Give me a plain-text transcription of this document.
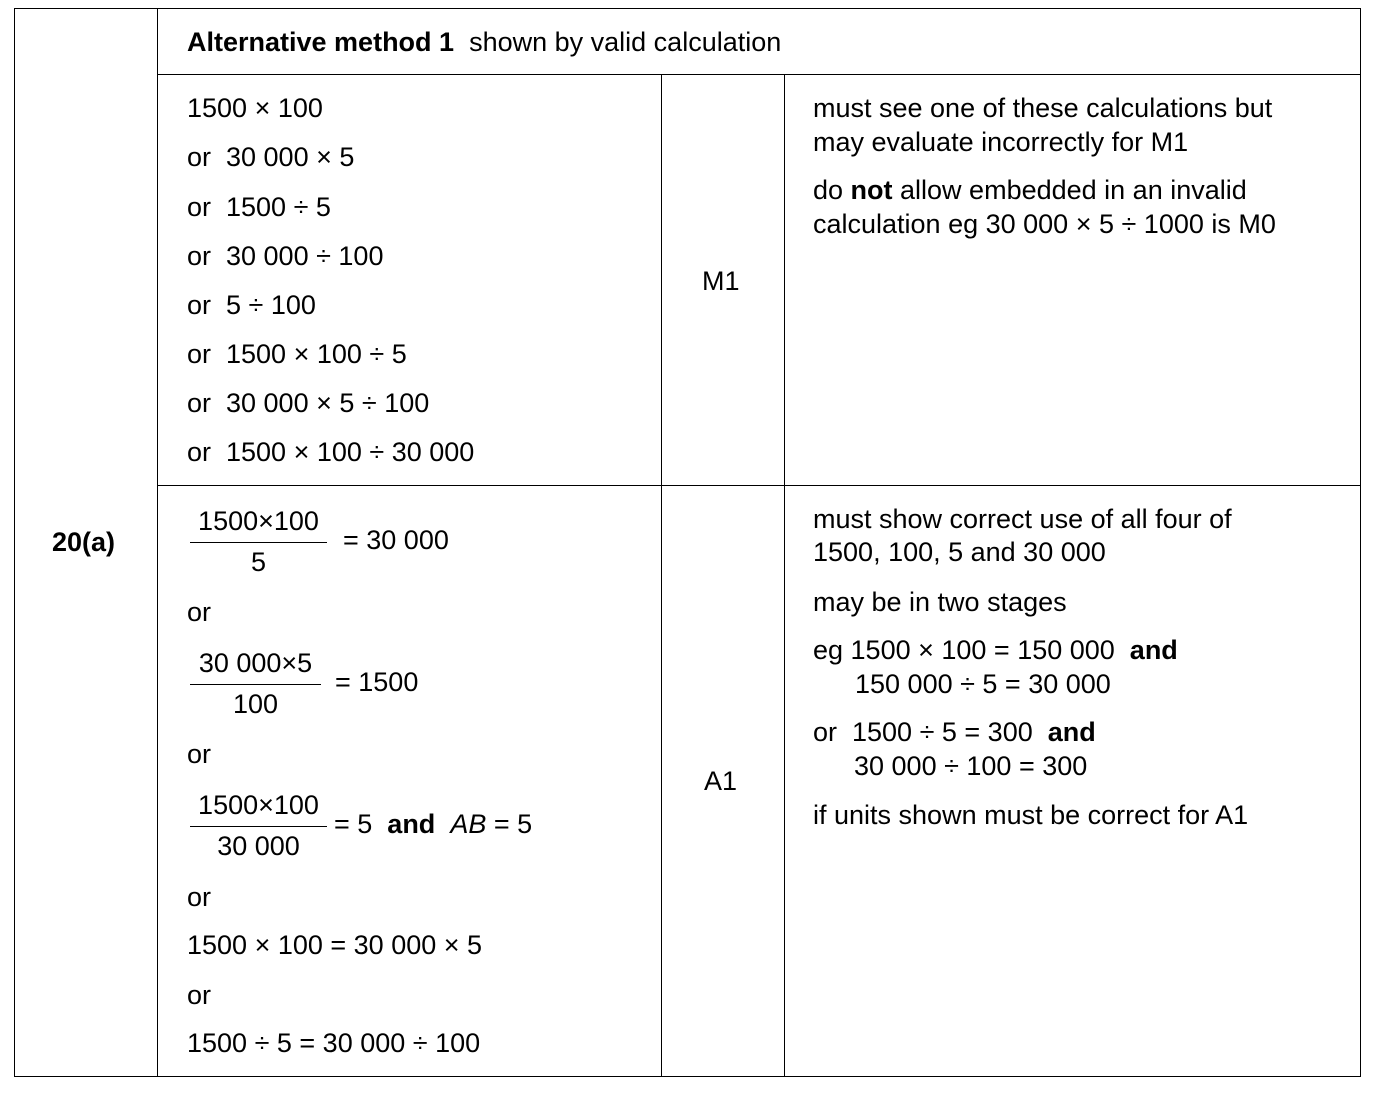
20(a)
Alternative method 1 shown by valid calculation
1500 × 100
or  30 000 × 5
or  1500 ÷ 5
or  30 000 ÷ 100
or  5 ÷ 100
or  1500 × 100 ÷ 5
or  30 000 × 5 ÷ 100
or  1500 × 100 ÷ 30 000
M1
must see one of these calculations but
may evaluate incorrectly for M1
do not allow embedded in an invalid
calculation eg 30 000 × 5 ÷ 1000 is M0
1500×100
5
= 30 000
or
30 000×5
100
= 1500
or
1500×100
30 000
= 5  and AB = 5
or
1500 × 100 = 30 000 × 5
or
1500 ÷ 5 = 30 000 ÷ 100
A1
must show correct use of all four of
1500, 100, 5 and 30 000
may be in two stages
eg 1500 × 100 = 150 000  and
150 000 ÷ 5 = 30 000
or  1500 ÷ 5 = 300  and
30 000 ÷ 100 = 300
if units shown must be correct for A1
